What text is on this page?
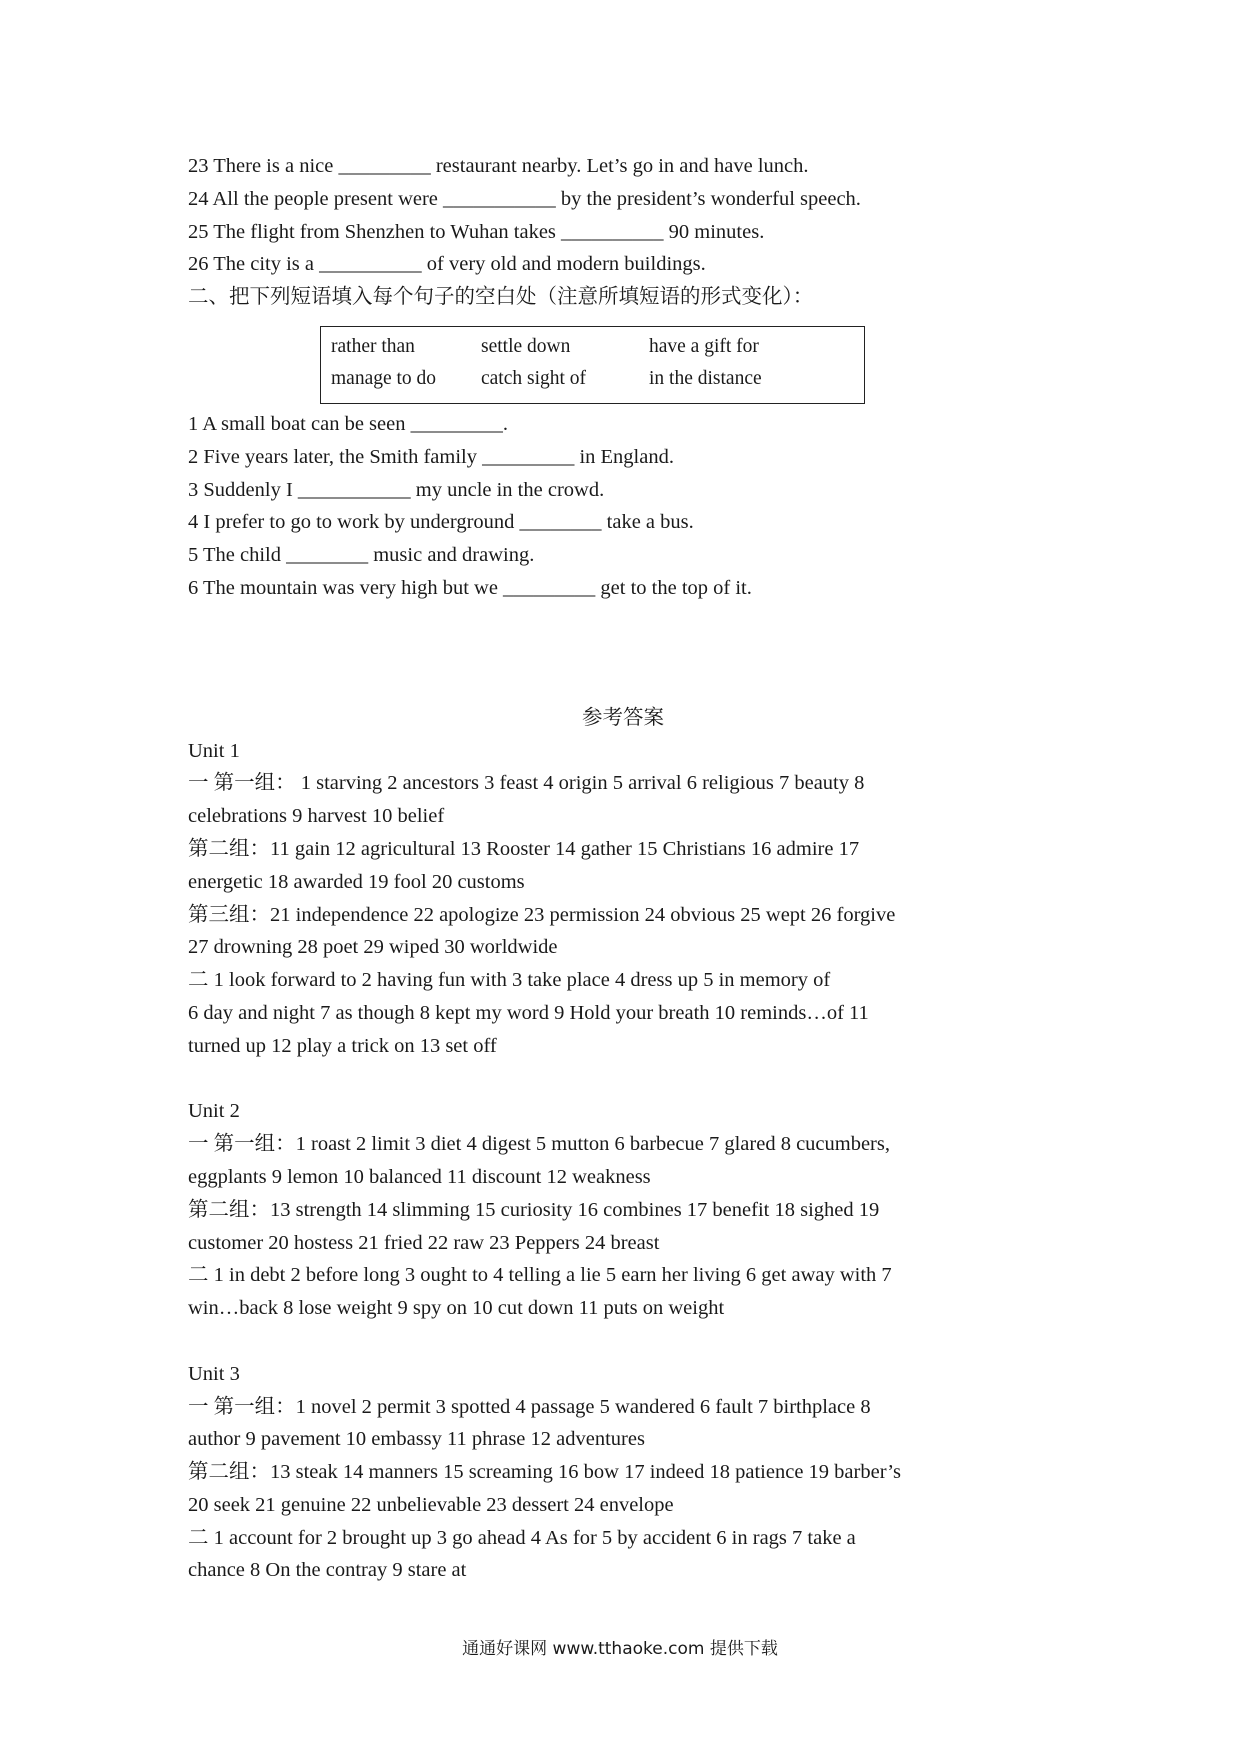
23 There is a nice _________ restaurant nearby. Let’s go in and have lunch.
24 All the people present were ___________ by the president’s wonderful speech.
25 The flight from Shenzhen to Wuhan takes __________ 90 minutes.
26 The city is a __________ of very old and modern buildings.
二、把下列短语填入每个句子的空白处（注意所填短语的形式变化）：
rather than	settle down	have a gift for
manage to do	catch sight of	in the distance
1 A small boat can be seen _________.
2 Five years later, the Smith family _________ in England.
3 Suddenly I ___________ my uncle in the crowd.
4 I prefer to go to work by underground ________ take a bus.
5 The child ________ music and drawing.
6 The mountain was very high but we _________ get to the top of it.
参考答案
Unit 1
一 第一组： 1 starving 2 ancestors 3 feast 4 origin 5 arrival 6 religious 7 beauty 8
celebrations 9 harvest 10 belief
第二组：11 gain 12 agricultural 13 Rooster 14 gather 15 Christians 16 admire 17
energetic 18 awarded 19 fool 20 customs
第三组：21 independence 22 apologize 23 permission 24 obvious 25 wept 26 forgive
27 drowning 28 poet 29 wiped 30 worldwide
二 1 look forward to 2 having fun with 3 take place 4 dress up 5 in memory of
6 day and night 7 as though 8 kept my word 9 Hold your breath 10 reminds…of 11
turned up 12 play a trick on 13 set off
Unit 2
一 第一组：1 roast 2 limit 3 diet 4 digest 5 mutton 6 barbecue 7 glared 8 cucumbers,
eggplants 9 lemon 10 balanced 11 discount 12 weakness
第二组：13 strength 14 slimming 15 curiosity 16 combines 17 benefit 18 sighed 19
customer 20 hostess 21 fried 22 raw 23 Peppers 24 breast
二 1 in debt 2 before long 3 ought to 4 telling a lie 5 earn her living 6 get away with 7
win…back 8 lose weight 9 spy on 10 cut down 11 puts on weight
Unit 3
一 第一组：1 novel 2 permit 3 spotted 4 passage 5 wandered 6 fault 7 birthplace 8
author 9 pavement 10 embassy 11 phrase 12 adventures
第二组：13 steak 14 manners 15 screaming 16 bow 17 indeed 18 patience 19 barber’s
20 seek 21 genuine 22 unbelievable 23 dessert 24 envelope
二 1 account for 2 brought up 3 go ahead 4 As for 5 by accident 6 in rags 7 take a
chance 8 On the contray 9 stare at
通通好课网 www.tthaoke.com 提供下载
